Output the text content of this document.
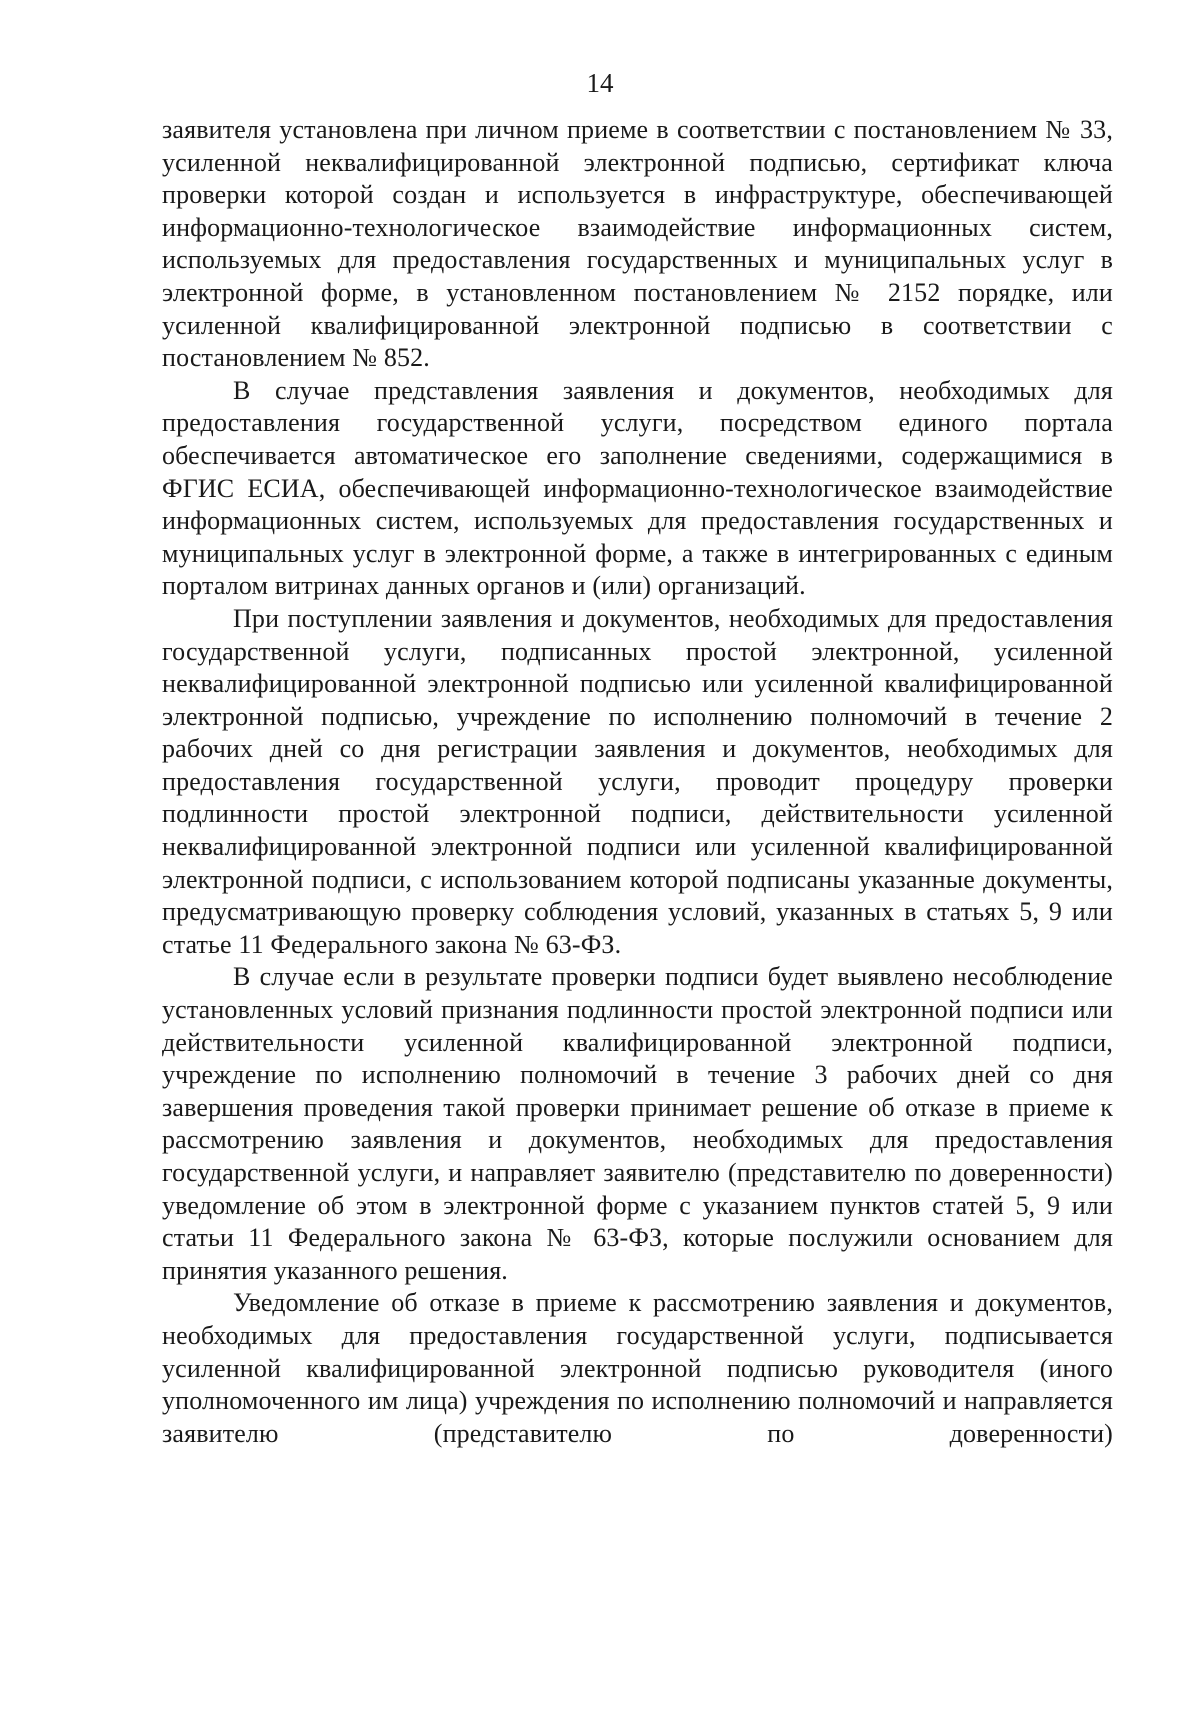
14

заявителя установлена при личном приеме в соответствии с постановлением № 33, усиленной неквалифицированной электронной подписью, сертификат ключа проверки которой создан и используется в инфраструктуре, обеспечивающей информационно-технологическое взаимодействие информационных систем, используемых для предоставления государственных и муниципальных услуг в электронной форме, в установленном постановлением № 2152 порядке, или усиленной квалифицированной электронной подписью в соответствии с постановлением № 852.

В случае представления заявления и документов, необходимых для предоставления государственной услуги, посредством единого портала обеспечивается автоматическое его заполнение сведениями, содержащимися в ФГИС ЕСИА, обеспечивающей информационно-технологическое взаимодействие информационных систем, используемых для предоставления государственных и муниципальных услуг в электронной форме, а также в интегрированных с единым порталом витринах данных органов и (или) организаций.

При поступлении заявления и документов, необходимых для предоставления государственной услуги, подписанных простой электронной, усиленной неквалифицированной электронной подписью или усиленной квалифицированной электронной подписью, учреждение по исполнению полномочий в течение 2 рабочих дней со дня регистрации заявления и документов, необходимых для предоставления государственной услуги, проводит процедуру проверки подлинности простой электронной подписи, действительности усиленной неквалифицированной электронной подписи или усиленной квалифицированной электронной подписи, с использованием которой подписаны указанные документы, предусматривающую проверку соблюдения условий, указанных в статьях 5, 9 или статье 11 Федерального закона № 63-ФЗ.

В случае если в результате проверки подписи будет выявлено несоблюдение установленных условий признания подлинности простой электронной подписи или действительности усиленной квалифицированной электронной подписи, учреждение по исполнению полномочий в течение 3 рабочих дней со дня завершения проведения такой проверки принимает решение об отказе в приеме к рассмотрению заявления и документов, необходимых для предоставления государственной услуги, и направляет заявителю (представителю по доверенности) уведомление об этом в электронной форме с указанием пунктов статей 5, 9 или статьи 11 Федерального закона № 63-ФЗ, которые послужили основанием для принятия указанного решения.

Уведомление об отказе в приеме к рассмотрению заявления и документов, необходимых для предоставления государственной услуги, подписывается усиленной квалифицированной электронной подписью руководителя (иного уполномоченного им лица) учреждения по исполнению полномочий и направляется заявителю (представителю по доверенности)
